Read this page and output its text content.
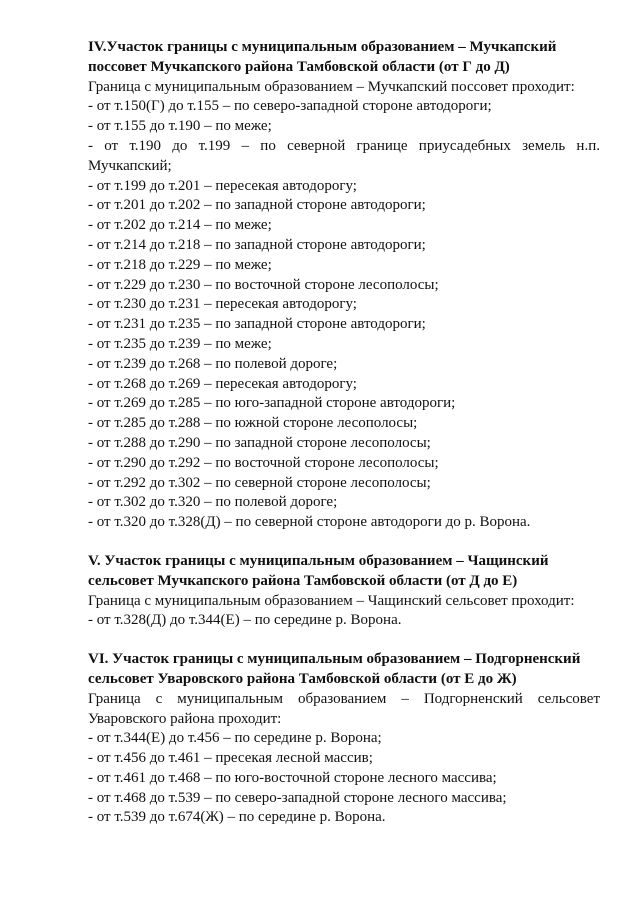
IV.Участок границы с муниципальным образованием – Мучкапский
поссовет Мучкапского района Тамбовской области (от Г до Д)
Граница с муниципальным образованием – Мучкапский поссовет проходит:
- от т.150(Г) до т.155 – по северо-западной стороне автодороги;
- от т.155 до т.190 – по меже;
- от т.190 до т.199 – по северной границе приусадебных земель н.п.
Мучкапский;
- от т.199 до т.201 – пересекая автодорогу;
- от т.201 до т.202 – по западной стороне автодороги;
- от т.202 до т.214 – по меже;
- от т.214 до т.218 – по западной стороне автодороги;
- от т.218 до т.229 – по меже;
- от т.229 до т.230 – по восточной стороне лесополосы;
- от т.230 до т.231 – пересекая автодорогу;
- от т.231 до т.235 – по западной стороне автодороги;
- от т.235 до т.239 – по меже;
- от т.239 до т.268 – по полевой дороге;
- от т.268 до т.269 – пересекая автодорогу;
- от т.269 до т.285 – по юго-западной стороне автодороги;
- от т.285 до т.288 – по южной стороне лесополосы;
- от т.288 до т.290 – по западной стороне лесополосы;
- от т.290 до т.292 – по восточной стороне лесополосы;
- от т.292 до т.302 – по северной стороне лесополосы;
- от т.302 до т.320 – по полевой дороге;
- от т.320 до т.328(Д) – по северной стороне автодороги до р. Ворона.
V. Участок границы с муниципальным образованием – Чащинский
сельсовет Мучкапского района Тамбовской области (от Д до Е)
Граница с муниципальным образованием – Чащинский сельсовет проходит:
- от т.328(Д) до т.344(Е) – по середине р. Ворона.
VI. Участок границы с муниципальным образованием – Подгорненский
сельсовет Уваровского района Тамбовской области (от Е до Ж)
Граница с муниципальным образованием – Подгорненский сельсовет
Уваровского района проходит:
- от т.344(Е) до т.456 – по середине р. Ворона;
- от т.456 до т.461 – пресекая лесной массив;
- от т.461 до т.468 – по юго-восточной стороне лесного массива;
- от т.468 до т.539 – по северо-западной стороне лесного массива;
- от т.539 до т.674(Ж) – по середине р. Ворона.
